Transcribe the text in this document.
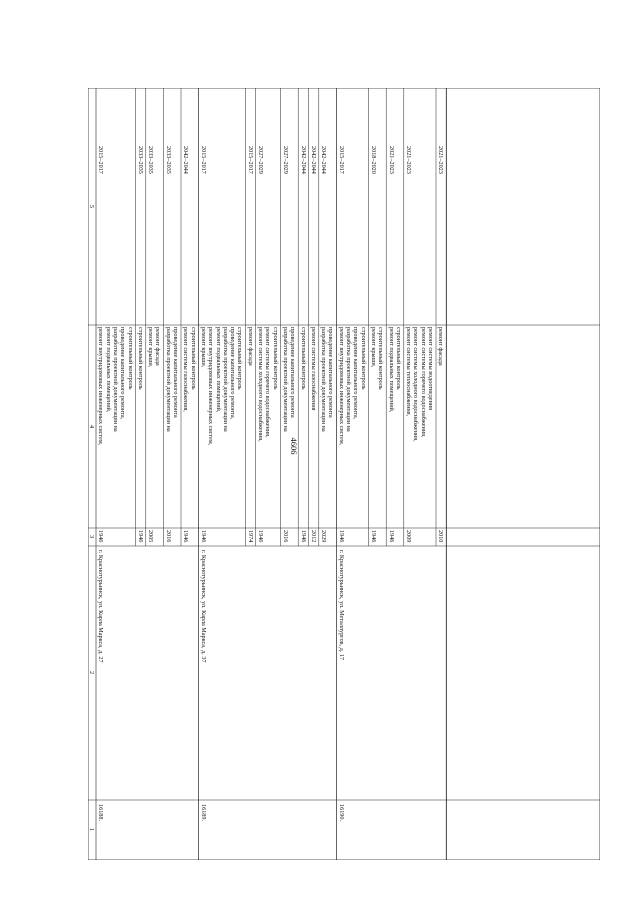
4606
1
2
3
4
5
1946
2015–2017
ремонт внутридомовых инженерных систем, ремонт подвальных помещений, разработка проектной документации на проведение капитального ремонта, строительный контроль
1946
2033–2035
строительный контроль
2005
2033–2035
ремонт крыши, ремонт фасада
2016
2033–2035
разработка проектной документации на проведение капитального ремонта
1946
2042–2044
ремонт системы газоснабжения, строительный контроль
16188.
г. Краснотурьинск, ул. Карла Маркса, д. 27
1946
2015–2017
ремонт крыши, ремонт внутридомовых инженерных систем, ремонт подвальных помещений, разработка проектной документации на проведение капитального ремонта, строительный контроль
1974
2015–2017
ремонт фасада
1946
2027–2029
ремонт системы холодного водоснабжения, ремонт системы горячего водоснабжения, строительный контроль
2016
2027–2029
разработка проектной документации на проведение капитального ремонта
1946
2042–2044
строительный контроль
2012
2042–2044
ремонт системы газоснабжения
2029
2042–2044
разработка проектной документации на проведение капитального ремонта
16189.
г. Краснотурьинск, ул. Карла Маркса, д. 37
1946
2015–2017
ремонт внутридомовых инженерных систем, разработка проектной документации на проведение капитального ремонта, строительный контроль
1946
2018–2020
ремонт крыши, строительный контроль
1946
2021–2023
ремонт подвальных помещений, строительный контроль
2009
2021–2023
ремонт системы теплоснабжения, ремонт системы холодного водоснабжения, ремонт системы горячего водоснабжения, ремонт системы водоотведения
2010
2021–2023
ремонт фасада
16190.
г. Краснотурьинск, ул. Металлургов, д. 17
